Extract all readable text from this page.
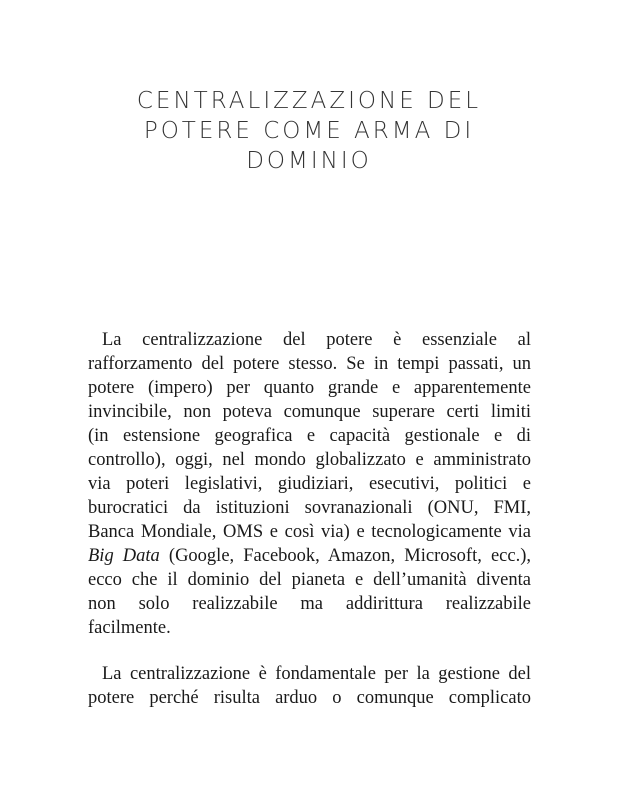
CENTRALIZZAZIONE DEL
POTERE COME ARMA DI
DOMINIO
La centralizzazione del potere è essenziale al
rafforzamento del potere stesso. Se in tempi passati, un
potere (impero) per quanto grande e apparentemente
invincibile, non poteva comunque superare certi limiti
(in estensione geografica e capacità gestionale e di
controllo), oggi, nel mondo globalizzato e amministrato
via poteri legislativi, giudiziari, esecutivi, politici e
burocratici da istituzioni sovranazionali (ONU, FMI,
Banca Mondiale, OMS e così via) e tecnologicamente via
Big Data (Google, Facebook, Amazon, Microsoft, ecc.),
ecco che il dominio del pianeta e dell’umanità diventa
non solo realizzabile ma addirittura realizzabile
facilmente.
La centralizzazione è fondamentale per la gestione del
potere perché risulta arduo o comunque complicato
